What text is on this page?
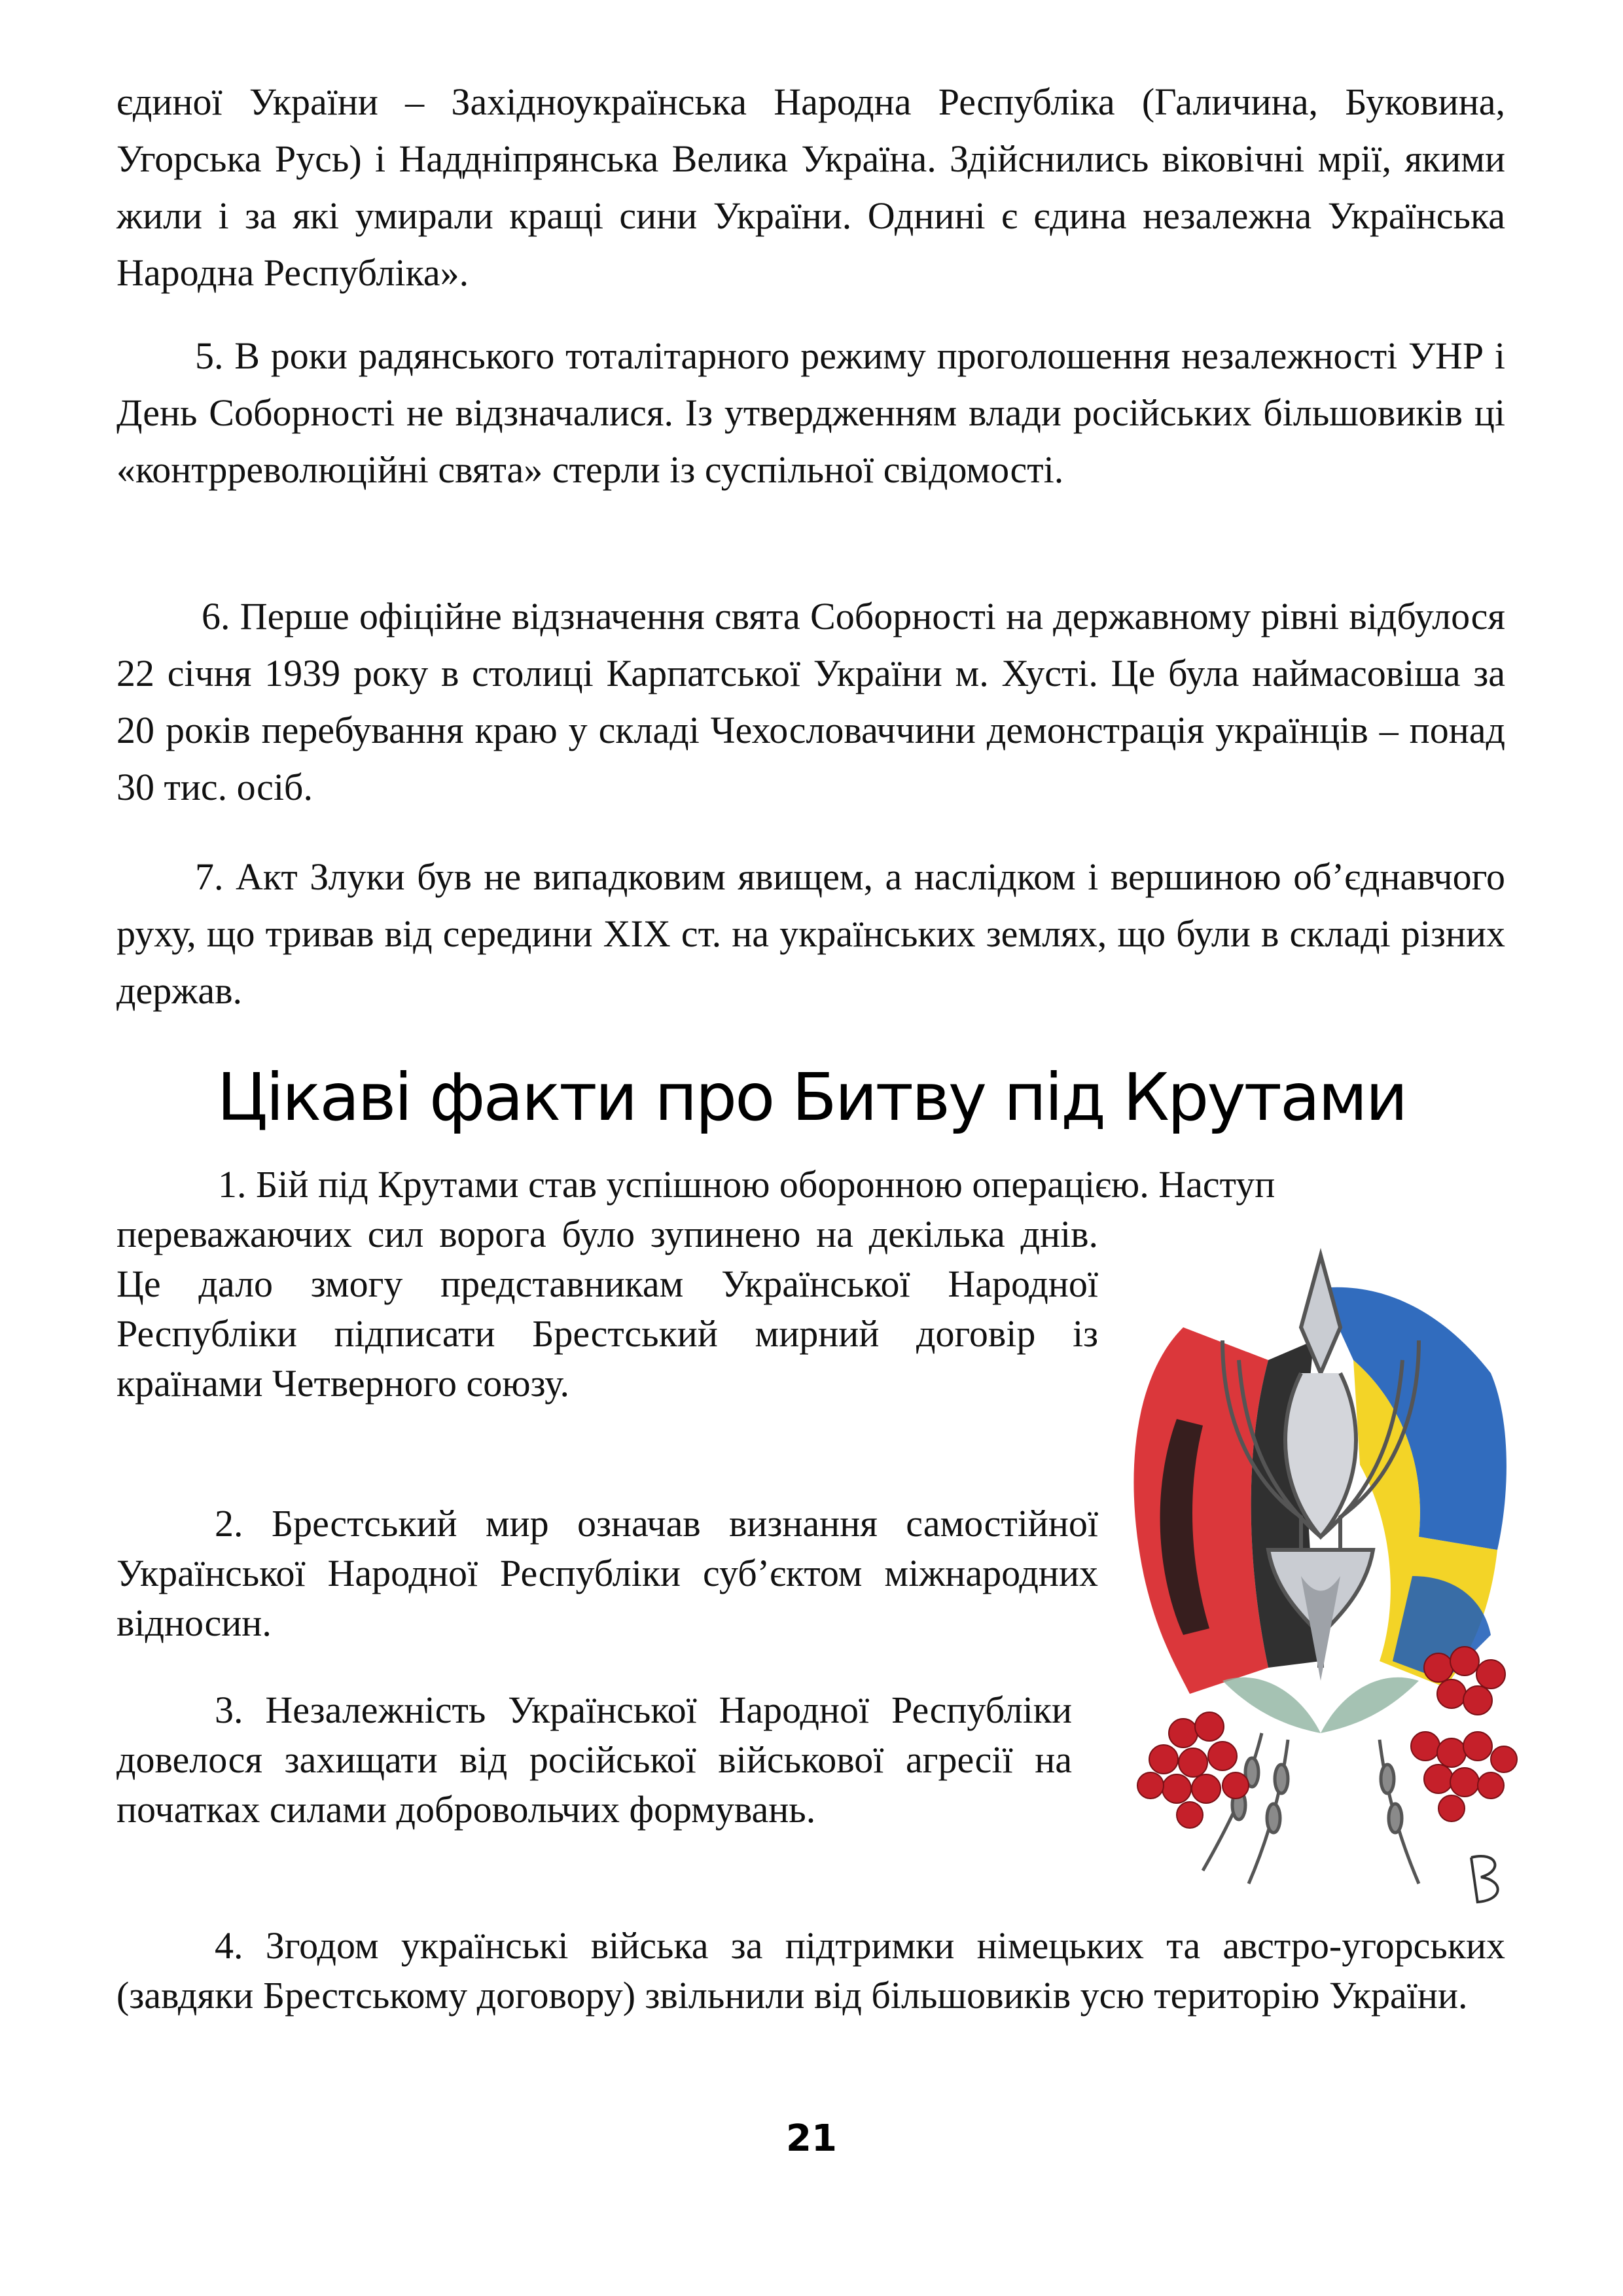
єдиної України – Західноукраїнська Народна Республіка (Галичина, Буковина, Угорська Русь) і Наддніпрянська Велика Україна. Здійснились віковічні мрії, якими жили і за які умирали кращі сини України. Однині є єдина незалежна Українська Народна Республіка».

5. В роки радянського тоталітарного режиму проголошення незалежності УНР і День Соборності не відзначалися. Із утвердженням влади російських більшовиків ці «контрреволюційні свята» стерли із суспільної свідомості.

6. Перше офіційне відзначення свята Соборності на державному рівні відбулося 22 січня 1939 року в столиці Карпатської України м. Хусті. Це була наймасовіша за 20 років перебування краю у складі Чехословаччини демонстрація українців – понад 30 тис. осіб.

7. Акт Злуки був не випадковим явищем, а наслідком і вершиною об’єднавчого руху, що тривав від середини XIX ст. на українських землях, що були в складі різних держав.

Цікаві факти про Битву під Крутами

1. Бій під Крутами став успішною оборонною операцією. Наступ

переважаючих сил ворога було зупинено на декілька днів. Це дало змогу представникам Української Народної Республіки підписати Брестський мирний договір із країнами Четверного союзу.

2. Брестський мир означав визнання самостійної Української Народної Республіки суб’єктом міжнародних відносин.

3. Незалежність Української Народної Республіки довелося захищати від російської військової агресії на початках силами добровольчих формувань.

4. Згодом українські війська за підтримки німецьких та австро-угорських (завдяки Брестському договору) звільнили від більшовиків усю територію України.

21
